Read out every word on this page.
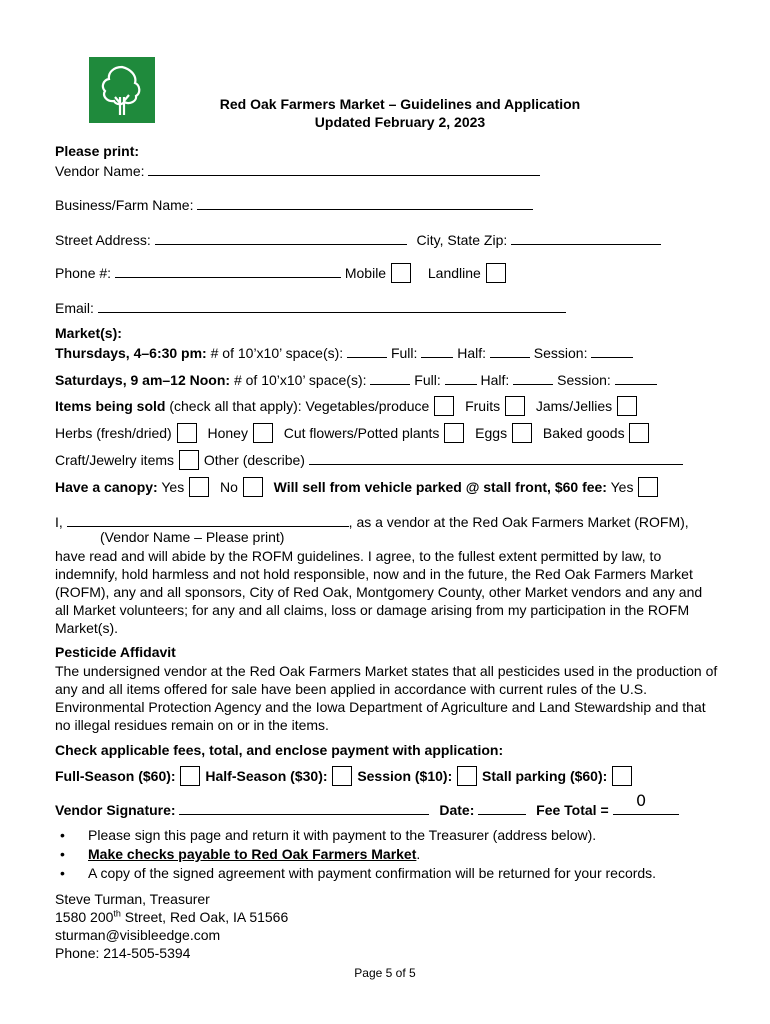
Red Oak Farmers Market – Guidelines and Application
Updated February 2, 2023
Please print:
Vendor Name:
Business/Farm Name:
Street Address:	City, State Zip:
Phone #:	Mobile	Landline
Email:
Market(s):
Thursdays, 4–6:30 pm: # of 10’x10’ space(s):	Full:	Half:	Session:
Saturdays, 9 am–12 Noon: # of 10’x10’ space(s):	Full:	Half:	Session:
Items being sold (check all that apply): Vegetables/produce	Fruits	Jams/Jellies
Herbs (fresh/dried)	Honey	Cut flowers/Potted plants	Eggs	Baked goods
Craft/Jewelry items Other (describe)
Have a canopy: Yes	No	Will sell from vehicle parked @ stall front, $60 fee: Yes
I,	, as a vendor at the Red Oak Farmers Market (ROFM),
(Vendor Name – Please print)
have read and will abide by the ROFM guidelines. I agree, to the fullest extent permitted by law, to indemnify, hold harmless and not hold responsible, now and in the future, the Red Oak Farmers Market (ROFM), any and all sponsors, City of Red Oak, Montgomery County, other Market vendors and any and all Market volunteers; for any and all claims, loss or damage arising from my participation in the ROFM Market(s).
Pesticide Affidavit
The undersigned vendor at the Red Oak Farmers Market states that all pesticides used in the production of any and all items offered for sale have been applied in accordance with current rules of the U.S. Environmental Protection Agency and the Iowa Department of Agriculture and Land Stewardship and that no illegal residues remain on or in the items.
Check applicable fees, total, and enclose payment with application:
Full-Season ($60): Half-Season ($30): Session ($10): Stall parking ($60):
Vendor Signature:	Date:	Fee Total =	0
• Please sign this page and return it with payment to the Treasurer (address below).
• Make checks payable to Red Oak Farmers Market.
• A copy of the signed agreement with payment confirmation will be returned for your records.
Steve Turman, Treasurer
1580 200th Street, Red Oak, IA 51566
sturman@visibleedge.com
Phone: 214-505-5394
Page 5 of 5
